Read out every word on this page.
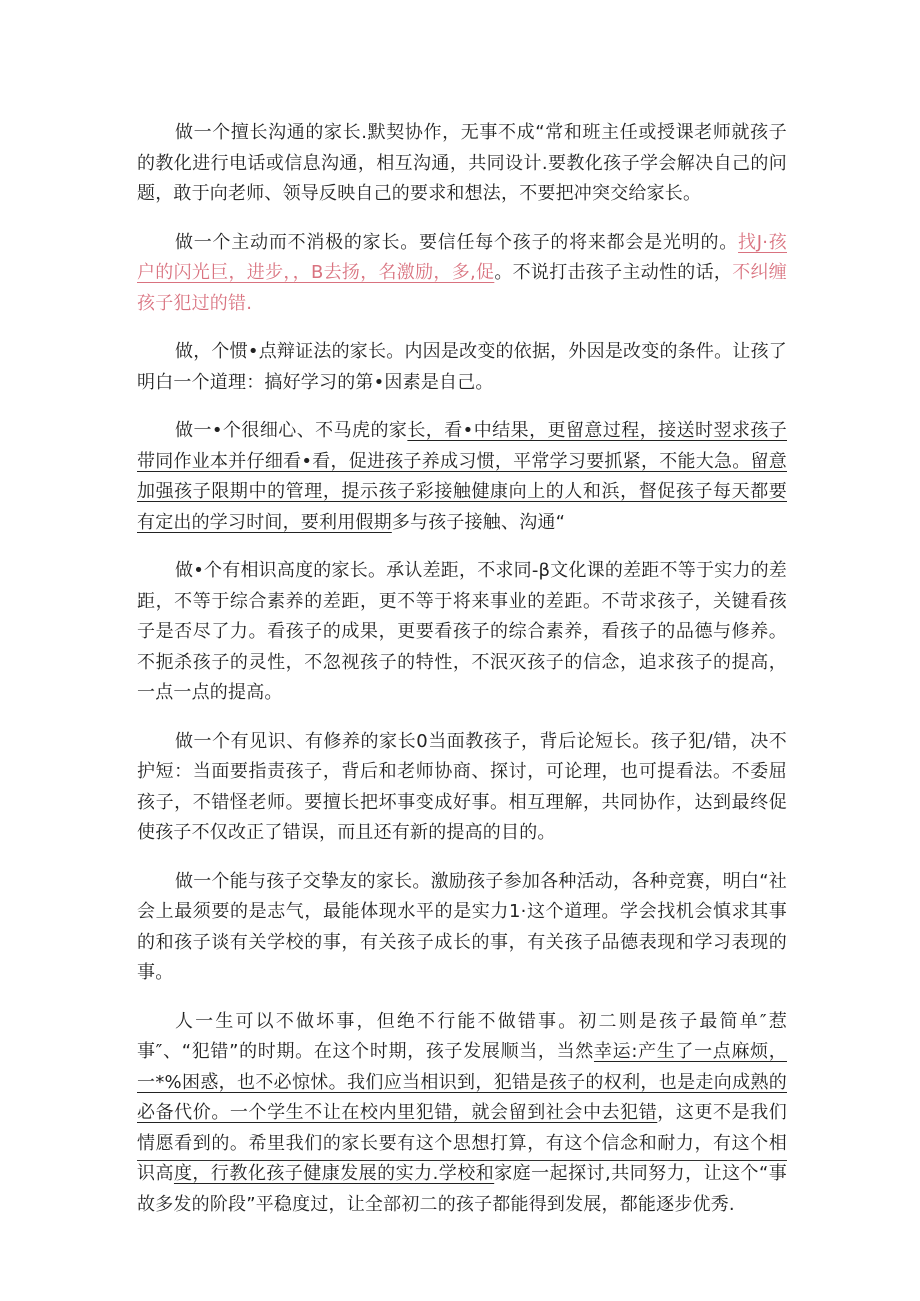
做一个擅长沟通的家长.默契协作，无事不成“常和班主任或授课老师就孩子的教化进行电话或信息沟通，相互沟通，共同设计.要教化孩子学会解决自己的问题，敢于向老师、领导反映自己的要求和想法，不要把冲突交给家长。

做一个主动而不消极的家长。要信任每个孩子的将来都会是光明的。找J·孩户的闪光巨，进步，，B去扬，名激励，多,促。不说打击孩子主动性的话，不纠缠孩子犯过的错.

做，个惯•点辩证法的家长。内因是改变的依据，外因是改变的条件。让孩了明白一个道理：搞好学习的第•因素是自己。

做一•个很细心、不马虎的家长，看•中结果，更留意过程，接送时翌求孩子带同作业本并仔细看•看，促进孩子养成习惯，平常学习要抓紧，不能大急。留意加强孩子限期中的管理，提示孩子彩接触健康向上的人和浜，督促孩子每天都要有定出的学习时间，要利用假期多与孩子接触、沟通“

做•个有相识高度的家长。承认差距，不求同-β文化课的差距不等于实力的差距，不等于综合素养的差距，更不等于将来事业的差距。不苛求孩子，关键看孩子是否尽了力。看孩子的成果，更要看孩子的综合素养，看孩子的品德与修养。不扼杀孩子的灵性，不忽视孩子的特性，不泯灭孩子的信念，追求孩子的提高，一点一点的提高。

做一个有见识、有修养的家长0当面教孩子，背后论短长。孩子犯/错，决不护短：当面要指责孩子，背后和老师协商、探讨，可论理，也可提看法。不委屈孩子，不错怪老师。要擅长把坏事变成好事。相互理解，共同协作，达到最终促使孩子不仅改正了错误，而且还有新的提高的目的。

做一个能与孩子交挚友的家长。激励孩子参加各种活动，各种竞赛，明白“社会上最须要的是志气，最能体现水平的是实力1·这个道理。学会找机会慎求其事的和孩子谈有关学校的事，有关孩子成长的事，有关孩子品德表现和学习表现的事。

人一生可以不做坏事，但绝不行能不做错事。初二则是孩子最简单″惹事″、“犯错”的时期。在这个时期，孩子发展顺当，当然幸运:产生了一点麻烦，一*%困惑，也不必惊怵。我们应当相识到，犯错是孩子的权利，也是走向成熟的必备代价。一个学生不让在校内里犯错，就会留到社会中去犯错，这更不是我们情愿看到的。希里我们的家长要有这个思想打算，有这个信念和耐力，有这个相识高度，行教化孩子健康发展的实力.学校和家庭一起探讨,共同努力，让这个“事故多发的阶段”平稳度过，让全部初二的孩子都能得到发展，都能逐步优秀.
